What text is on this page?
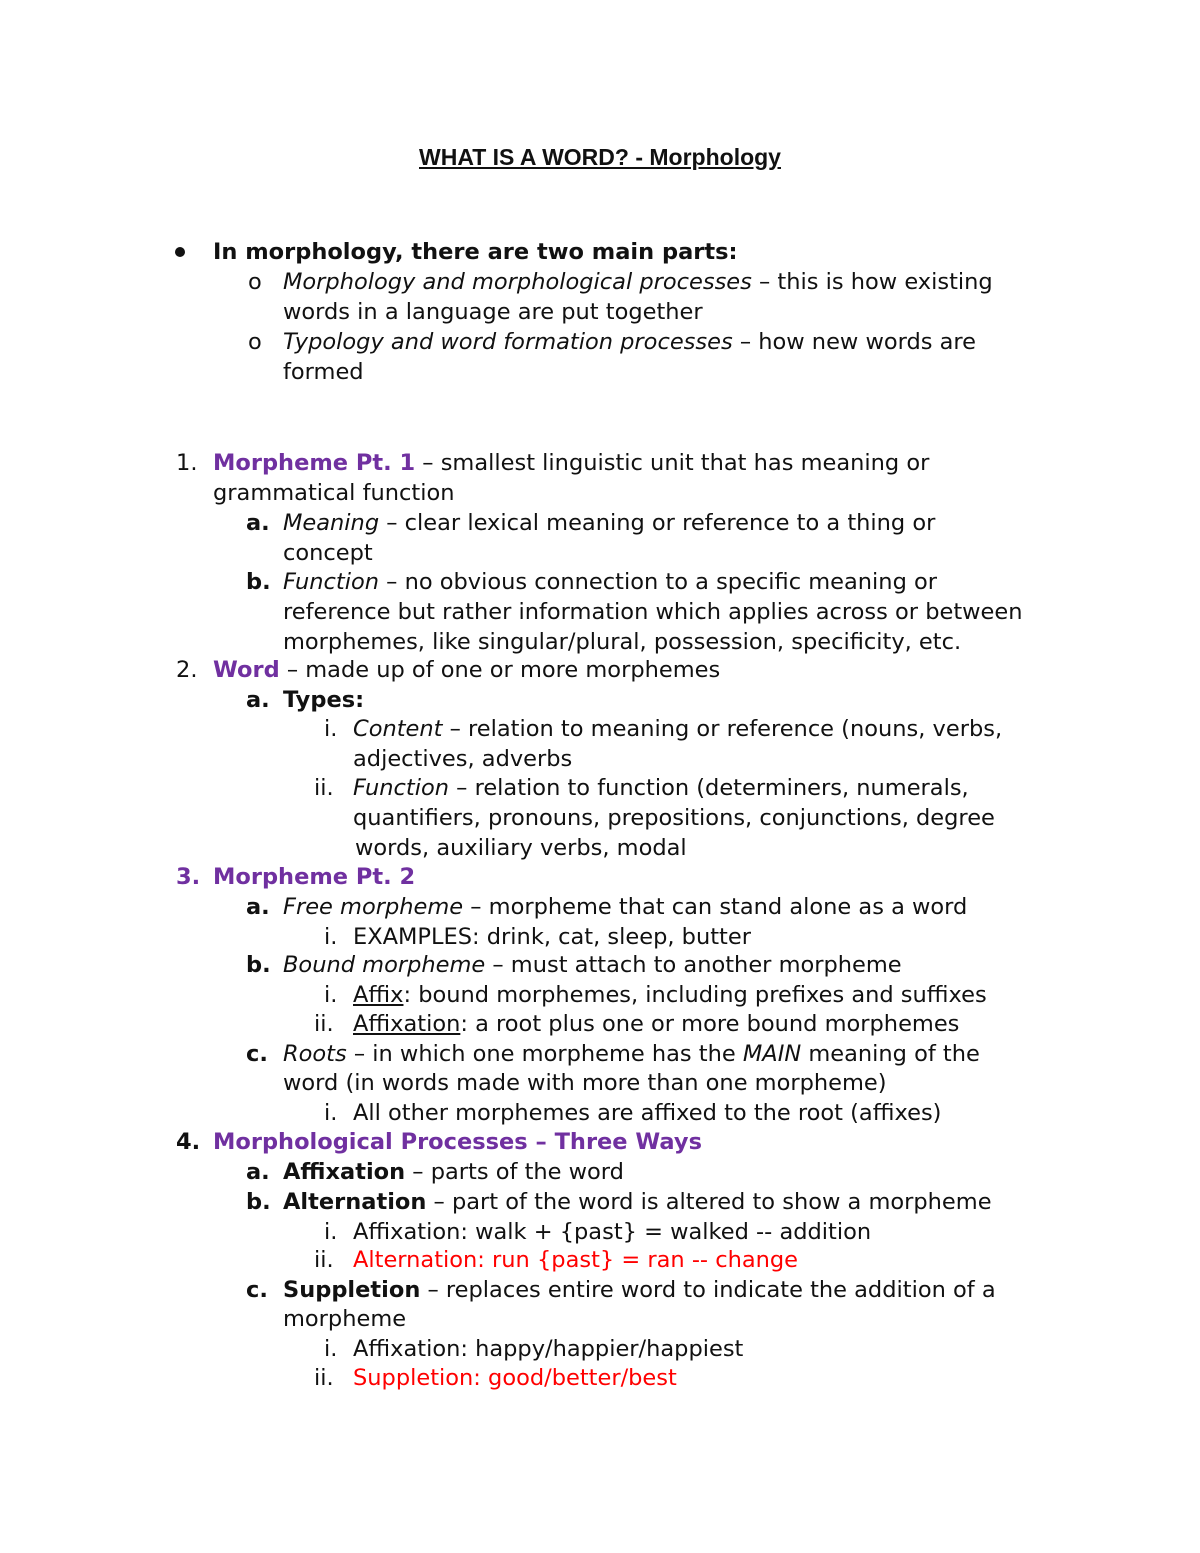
WHAT IS A WORD? - Morphology
In morphology, there are two main parts:
o Morphology and morphological processes – this is how existing
words in a language are put together
o Typology and word formation processes – how new words are
formed
1. Morpheme Pt. 1 – smallest linguistic unit that has meaning or
grammatical function
a. Meaning – clear lexical meaning or reference to a thing or
concept
b. Function – no obvious connection to a specific meaning or
reference but rather information which applies across or between
morphemes, like singular/plural, possession, specificity, etc.
2. Word – made up of one or more morphemes
a. Types:
i. Content – relation to meaning or reference (nouns, verbs,
adjectives, adverbs
ii. Function – relation to function (determiners, numerals,
quantifiers, pronouns, prepositions, conjunctions, degree
words, auxiliary verbs, modal
3. Morpheme Pt. 2
a. Free morpheme – morpheme that can stand alone as a word
i. EXAMPLES: drink, cat, sleep, butter
b. Bound morpheme – must attach to another morpheme
i. Affix: bound morphemes, including prefixes and suffixes
ii. Affixation: a root plus one or more bound morphemes
c. Roots – in which one morpheme has the MAIN meaning of the
word (in words made with more than one morpheme)
i. All other morphemes are affixed to the root (affixes)
4. Morphological Processes – Three Ways
a. Affixation – parts of the word
b. Alternation – part of the word is altered to show a morpheme
i. Affixation: walk + {past} = walked -- addition
ii. Alternation: run {past} = ran -- change
c. Suppletion – replaces entire word to indicate the addition of a
morpheme
i. Affixation: happy/happier/happiest
ii. Suppletion: good/better/best
